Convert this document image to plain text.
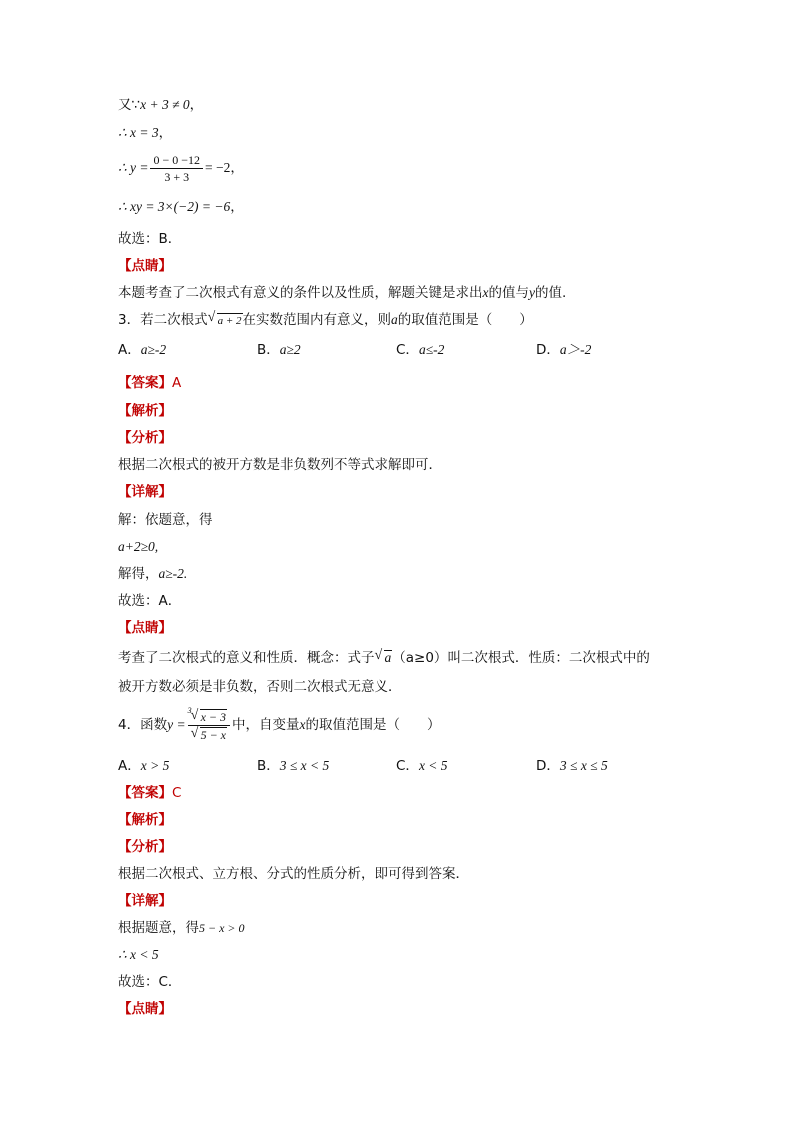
又∵x + 3 ≠ 0，
∴ x = 3，
∴ $y = \frac{0 - 0 -12}{3 + 3} = -2$，
∴ xy = 3×(−2) = −6，
故选：B．
【点睛】
本题考查了二次根式有意义的条件以及性质，解题关键是求出x的值与y的值.
3．若二次根式 √ a + 2在实数范围内有意义，则a的取值范围是（　　）
A．a≥-2	B．a≥2	C．a≤-2	D．a＞-2
【答案】A
【解析】
【分析】
根据二次根式的被开方数是非负数列不等式求解即可．
【详解】
解：依题意，得
a+2≥0,
解得，a≥-2.
故选：A．
【点睛】
考查了二次根式的意义和性质．概念：式子 √ a（a≥0）叫二次根式．性质：二次根式中的
被开方数必须是非负数，否则二次根式无意义．
4．函数$y = \frac{3 √ x - 3}{√ 5 - x}$ 中，自变量x的取值范围是（　　）
A．x > 5	B．3 ≤ x < 5	C．x < 5	D．3 ≤ x ≤ 5
【答案】C
【解析】
【分析】
根据二次根式、立方根、分式的性质分析，即可得到答案．
【详解】
根据题意，得5 − x > 0
∴ x < 5
故选：C．
【点睛】
